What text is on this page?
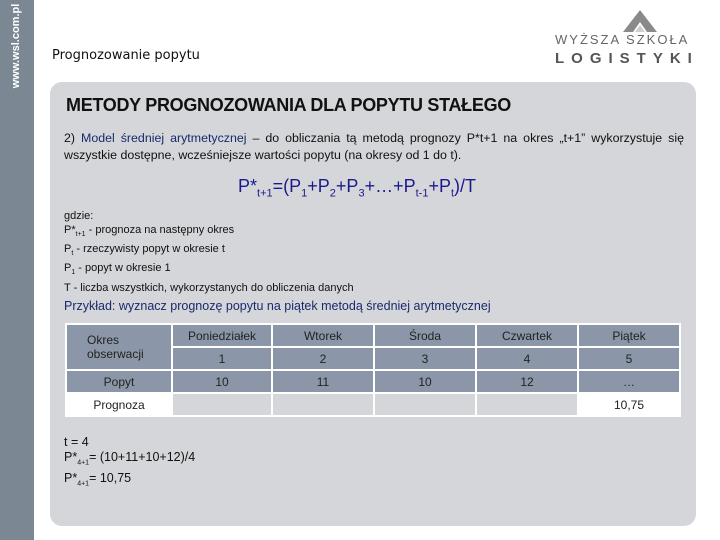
www.wsl.com.pl Prognozowanie popytu
WYŻSZA SZKOŁA
LOGISTYKI
METODY PROGNOZOWANIA DLA POPYTU STAŁEGO
2) Model średniej arytmetycznej – do obliczania tą metodą prognozy P*t+1 na okres „t+1” wykorzystuje się wszystkie dostępne, wcześniejsze wartości popytu (na okresy od 1 do t).
$P*_{t+1}=(P_1+P_2+P_3+\dots+P_{t-1}+P_t)/T$
gdzie:
$P*_{t+1}$ - prognoza na następny okres
$P_t$ - rzeczywisty popyt w okresie t
$P_1$ - popyt w okresie 1
T - liczba wszystkich, wykorzystanych do obliczenia danych
Przykład: wyznacz prognozę popytu na piątek metodą średniej arytmetycznej
Okres obserwacji	Poniedziałek	Wtorek	Środa	Czwartek	Piątek
	1	2	3	4	5
Popyt	10	11	10	12	…
Prognoza					10,75
t = 4
$P*_{4+1}= (10+11+10+12)/4$
$P*_{4+1}= 10,75$
